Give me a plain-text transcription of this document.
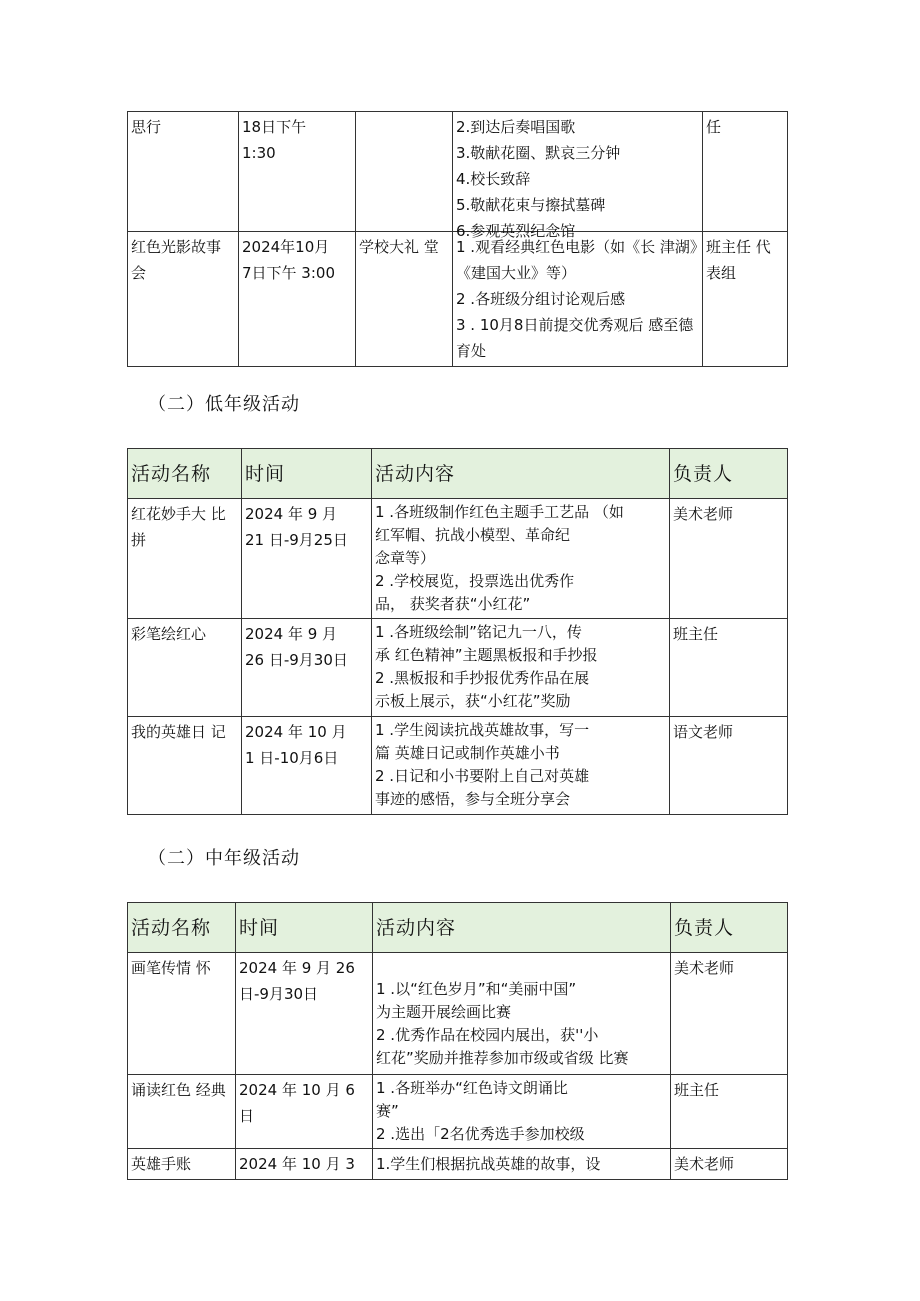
思行	18日下午
1:30		2.到达后奏唱国歌
3.敬献花圈、默哀三分钟
4.校长致辞
5.敬献花束与擦拭墓碑
6.参观英烈纪念馆	任

红色光影故事会	2024年10月
7日下午 3:00	学校大礼 堂	1 .观看经典红色电影（如《长 津湖》《建国大业》等）
2 .各班级分组讨论观后感
3 . 10月8日前提交优秀观后 感至德育处	班主任 代表组
（二）低年级活动
活动名称	时间	活动内容	负责人

红花妙手大 比拼	2024 年 9 月
21 日-9月25日	1 .各班级制作红色主题手工艺品 （如
红军帽、抗战小模型、革命纪
念章等）
2 .学校展览，投票选出优秀作
品， 获奖者获“小红花”	美术老师

彩笔绘红心	2024 年 9 月
26 日-9月30日	1 .各班级绘制”铭记九一八，传
承 红色精神”主题黑板报和手抄报
2 .黑板报和手抄报优秀作品在展
示板上展示，获“小红花”奖励	班主任

我的英雄日 记	2024 年 10 月
1 日-10月6日	1 .学生阅读抗战英雄故事，写一
篇 英雄日记或制作英雄小书
2 .日记和小书要附上自己对英雄
事迹的感悟，参与全班分享会	语文老师
（二）中年级活动
活动名称	时间	活动内容	负责人

画笔传情 怀	2024 年 9 月 26
日-9月30日	1 .以“红色岁月”和“美丽中国”
为主题开展绘画比赛
2 .优秀作品在校园内展出，获''小
红花”奖励并推荐参加市级或省级 比赛	美术老师

诵读红色 经典	2024 年 10 月 6
日	1 .各班举办“红色诗文朗诵比
赛”
2 .选出「2名优秀选手参加校级	班主任
英雄手账	2024 年 10 月 3	1.学生们根据抗战英雄的故事，设	美术老师
